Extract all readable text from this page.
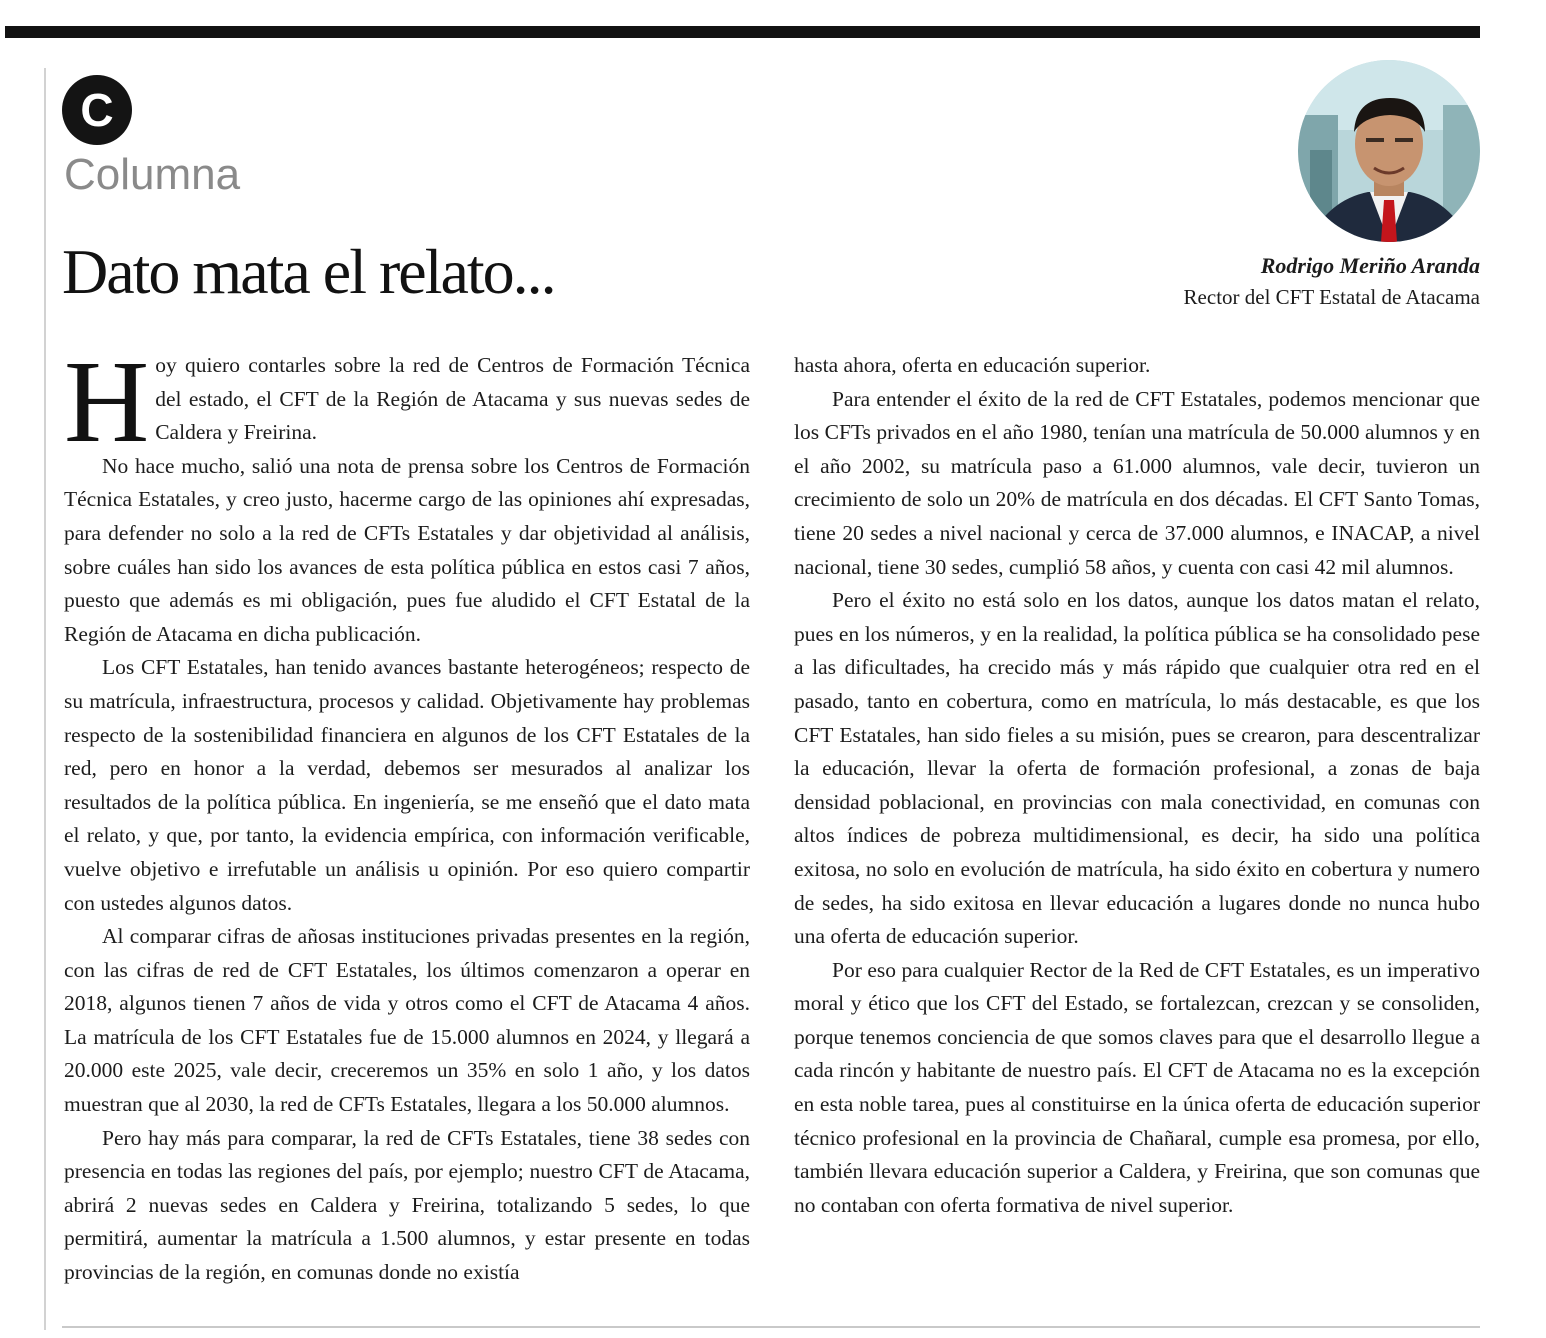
C
Columna
Dato mata el relato...	Rodrigo Meriño Aranda
Rector del CFT Estatal de Atacama

Hoy quiero contarles sobre la red de Centros de Formación Técnica del estado, el CFT de la Región de Atacama y sus nuevas sedes de Caldera y Freirina.

No hace mucho, salió una nota de prensa sobre los Centros de Formación Técnica Estatales, y creo justo, hacerme cargo de las opiniones ahí expresadas, para defender no solo a la red de CFTs Estatales y dar objetividad al análisis, sobre cuáles han sido los avances de esta política pública en estos casi 7 años, puesto que además es mi obligación, pues fue aludido el CFT Estatal de la Región de Atacama en dicha publicación.

Los CFT Estatales, han tenido avances bastante heterogéneos; respecto de su matrícula, infraestructura, procesos y calidad. Objetivamente hay problemas respecto de la sostenibilidad financiera en algunos de los CFT Estatales de la red, pero en honor a la verdad, debemos ser mesurados al analizar los resultados de la política pública. En ingeniería, se me enseñó que el dato mata el relato, y que, por tanto, la evidencia empírica, con información verificable, vuelve objetivo e irrefutable un análisis u opinión. Por eso quiero compartir con ustedes algunos datos.

Al comparar cifras de añosas instituciones privadas presentes en la región, con las cifras de red de CFT Estatales, los últimos comenzaron a operar en 2018, algunos tienen 7 años de vida y otros como el CFT de Atacama 4 años. La matrícula de los CFT Estatales fue de 15.000 alumnos en 2024, y llegará a 20.000 este 2025, vale decir, creceremos un 35% en solo 1 año, y los datos muestran que al 2030, la red de CFTs Estatales, llegara a los 50.000 alumnos.

Pero hay más para comparar, la red de CFTs Estatales, tiene 38 sedes con presencia en todas las regiones del país, por ejemplo; nuestro CFT de Atacama, abrirá 2 nuevas sedes en Caldera y Freirina, totalizando 5 sedes, lo que permitirá, aumentar la matrícula a 1.500 alumnos, y estar presente en todas provincias de la región, en comunas donde no existía

hasta ahora, oferta en educación superior.

Para entender el éxito de la red de CFT Estatales, podemos mencionar que los CFTs privados en el año 1980, tenían una matrícula de 50.000 alumnos y en el año 2002, su matrícula paso a 61.000 alumnos, vale decir, tuvieron un crecimiento de solo un 20% de matrícula en dos décadas. El CFT Santo Tomas, tiene 20 sedes a nivel nacional y cerca de 37.000 alumnos, e INACAP, a nivel nacional, tiene 30 sedes, cumplió 58 años, y cuenta con casi 42 mil alumnos.

Pero el éxito no está solo en los datos, aunque los datos matan el relato, pues en los números, y en la realidad, la política pública se ha consolidado pese a las dificultades, ha crecido más y más rápido que cualquier otra red en el pasado, tanto en cobertura, como en matrícula, lo más destacable, es que los CFT Estatales, han sido fieles a su misión, pues se crearon, para descentralizar la educación, llevar la oferta de formación profesional, a zonas de baja densidad poblacional, en provincias con mala conectividad, en comunas con altos índices de pobreza multidimensional, es decir, ha sido una política exitosa, no solo en evolución de matrícula, ha sido éxito en cobertura y numero de sedes, ha sido exitosa en llevar educación a lugares donde no nunca hubo una oferta de educación superior.

Por eso para cualquier Rector de la Red de CFT Estatales, es un imperativo moral y ético que los CFT del Estado, se fortalezcan, crezcan y se consoliden, porque tenemos conciencia de que somos claves para que el desarrollo llegue a cada rincón y habitante de nuestro país. El CFT de Atacama no es la excepción en esta noble tarea, pues al constituirse en la única oferta de educación superior técnico profesional en la provincia de Chañaral, cumple esa promesa, por ello, también llevara educación superior a Caldera, y Freirina, que son comunas que no contaban con oferta formativa de nivel superior.
